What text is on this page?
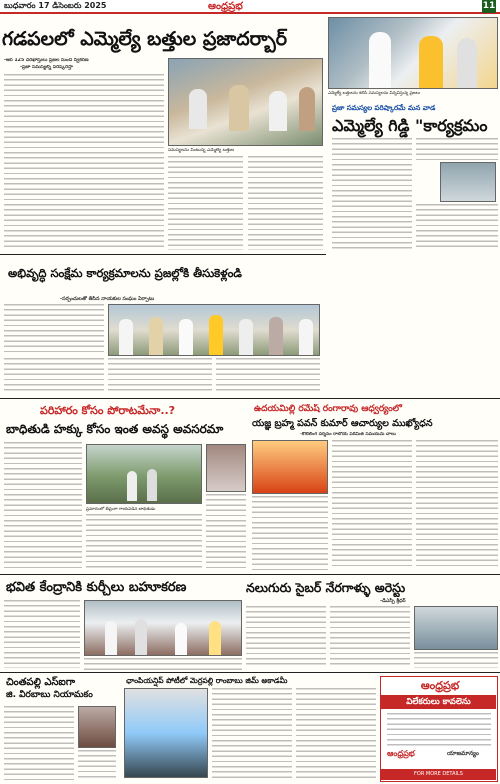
బుధవారం 17 డిసెంబరు 2025	ఆంధ్రప్రభ	11
గడపలలో ఎమ్మెల్యే బత్తుల ప్రజాదర్బార్
-ఆర్ 125 దరఖాస్తులు ప్రజల నుంచి స్వీకరణ
-ప్రజా సమస్యల్ని పరిష్కరిస్తా
సమస్యలను వింటున్న ఎమ్మెల్యే బత్తుల
ఎమ్మెల్యే బత్తులను కలిసి సమస్యలను విన్నవిస్తున్న ప్రజలు
ప్రజా సమస్యల పరిష్కారమే మన వాడ
ఎమ్మెల్యే గిడ్డి "కార్యక్రమం
అభివృద్ధి సంక్షేమ కార్యక్రమాలను ప్రజల్లోకి తీసుకెళ్లండి
-సర్పంచులతో తీసిన నాయకుల సంఘం ఏర్పాటు
పరిహారం కోసం పోరాటమేనా..?
బాధితుడి హక్కు కోసం ఇంత అవస్థ అవసరమా
ప్రమాదంలో తీవ్రంగా గాయపడిన బాధితుడు
ఉదయమిల్లి రమేష్ రంగారావు ఆధ్వర్యంలో
యజ్ఞ బ్రహ్మ పవన్ కుమార్ ఆచార్యుల ముఖ్యోధన
-కోటిలింగ దర్శనం రాబోయే పరిమిత సమయమే చాలు
భవిత కేంద్రానికి కుర్చీలు బహూకరణ	నలుగురు సైబర్ నేరగాళ్ళు అరెస్టు
-డిఎస్పీ శ్రీధర్
చింతపల్లి ఎస్ఐగా
జి. వీరబాబు నియామకం
ఛాంపియన్షిప్ పోటీలో మెర్రపల్లి రాంబాబు జిమ్ అకాడమీ	ఆంధ్రప్రభ
విలేకరులు కావలెను
ఆంధ్రప్రభ	యాజమాన్యం
FOR MORE DETAILS
